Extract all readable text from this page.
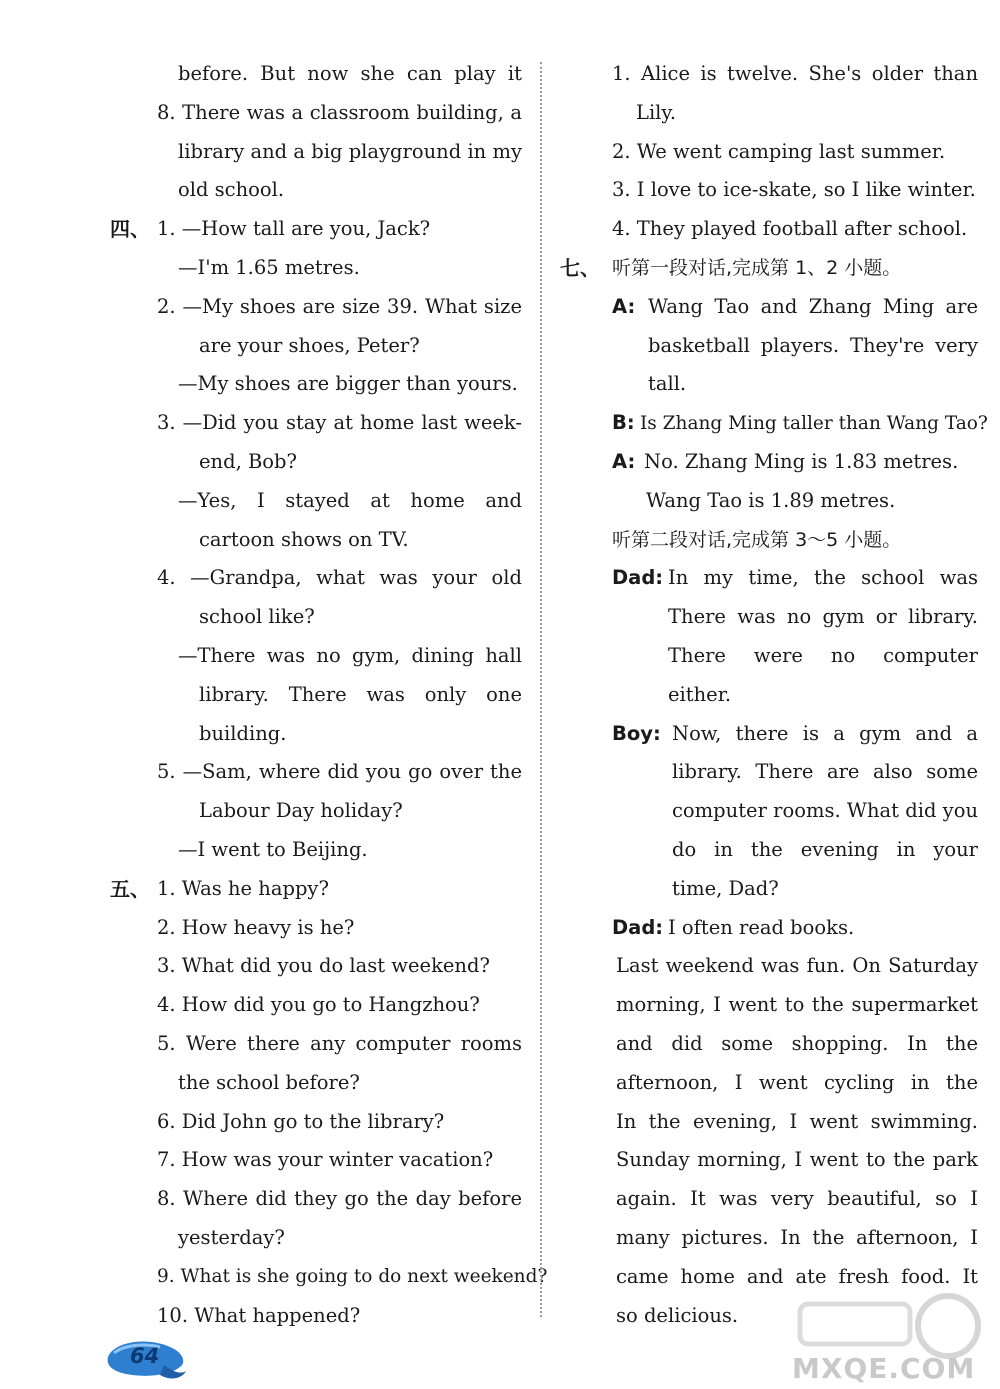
before. But now she can play it
8. There was a classroom building, a
library and a big playground in my
old school.
四、 1. —How tall are you, Jack?
—I'm 1.65 metres.
2. —My shoes are size 39. What size
are your shoes, Peter?
—My shoes are bigger than yours.
3. —Did you stay at home last week-
end, Bob?
—Yes, I stayed at home and
cartoon shows on TV.
4. —Grandpa, what was your old
school like?
—There was no gym, dining hall
library. There was only one
building.
5. —Sam, where did you go over the
Labour Day holiday?
—I went to Beijing.
五、 1. Was he happy?
2. How heavy is he?
3. What did you do last weekend?
4. How did you go to Hangzhou?
5. Were there any computer rooms
the school before?
6. Did John go to the library?
7. How was your winter vacation?
8. Where did they go the day before
yesterday?
9. What is she going to do next weekend?
10. What happened?
1. Alice is twelve. She's older than
Lily.
2. We went camping last summer.
3. I love to ice-skate, so I like winter.
4. They played football after school.
七、 听第一段对话,完成第 1、2 小题。
A: Wang Tao and Zhang Ming are
basketball players. They're very
tall.
B: Is Zhang Ming taller than Wang Tao?
A: No. Zhang Ming is 1.83 metres.
Wang Tao is 1.89 metres.
听第二段对话,完成第 3～5 小题。
Dad: In my time, the school was
There was no gym or library.
There were no computer
either.
Boy: Now, there is a gym and a
library. There are also some
computer rooms. What did you
do in the evening in your
time, Dad?
Dad: I often read books.
Last weekend was fun. On Saturday
morning, I went to the supermarket
and did some shopping. In the
afternoon, I went cycling in the
In the evening, I went swimming.
Sunday morning, I went to the park
again. It was very beautiful, so I
many pictures. In the afternoon, I
came home and ate fresh food. It
so delicious.
64	MXQE.COM
